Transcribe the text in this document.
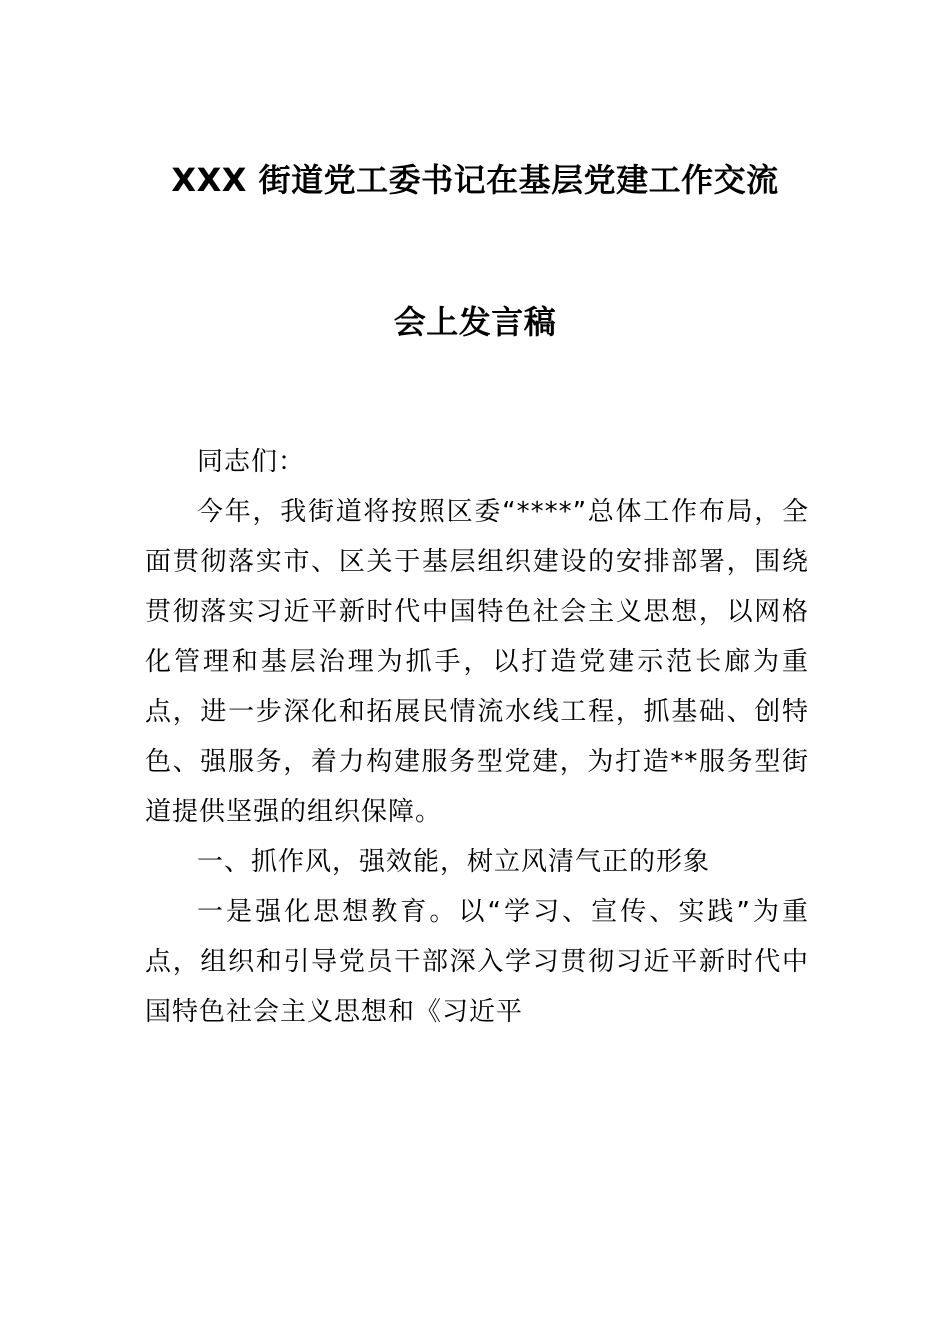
XXX 街道党工委书记在基层党建工作交流
会上发言稿

同志们：

今年，我街道将按照区委“****”总体工作布局，全面贯彻落实市、区关于基层组织建设的安排部署，围绕贯彻落实习近平新时代中国特色社会主义思想，以网格化管理和基层治理为抓手，以打造党建示范长廊为重点，进一步深化和拓展民情流水线工程，抓基础、创特色、强服务，着力构建服务型党建，为打造**服务型街道提供坚强的组织保障。

一、抓作风，强效能，树立风清气正的形象

一是强化思想教育。以“学习、宣传、实践”为重点，组织和引导党员干部深入学习贯彻习近平新时代中国特色社会主义思想和《习近平
